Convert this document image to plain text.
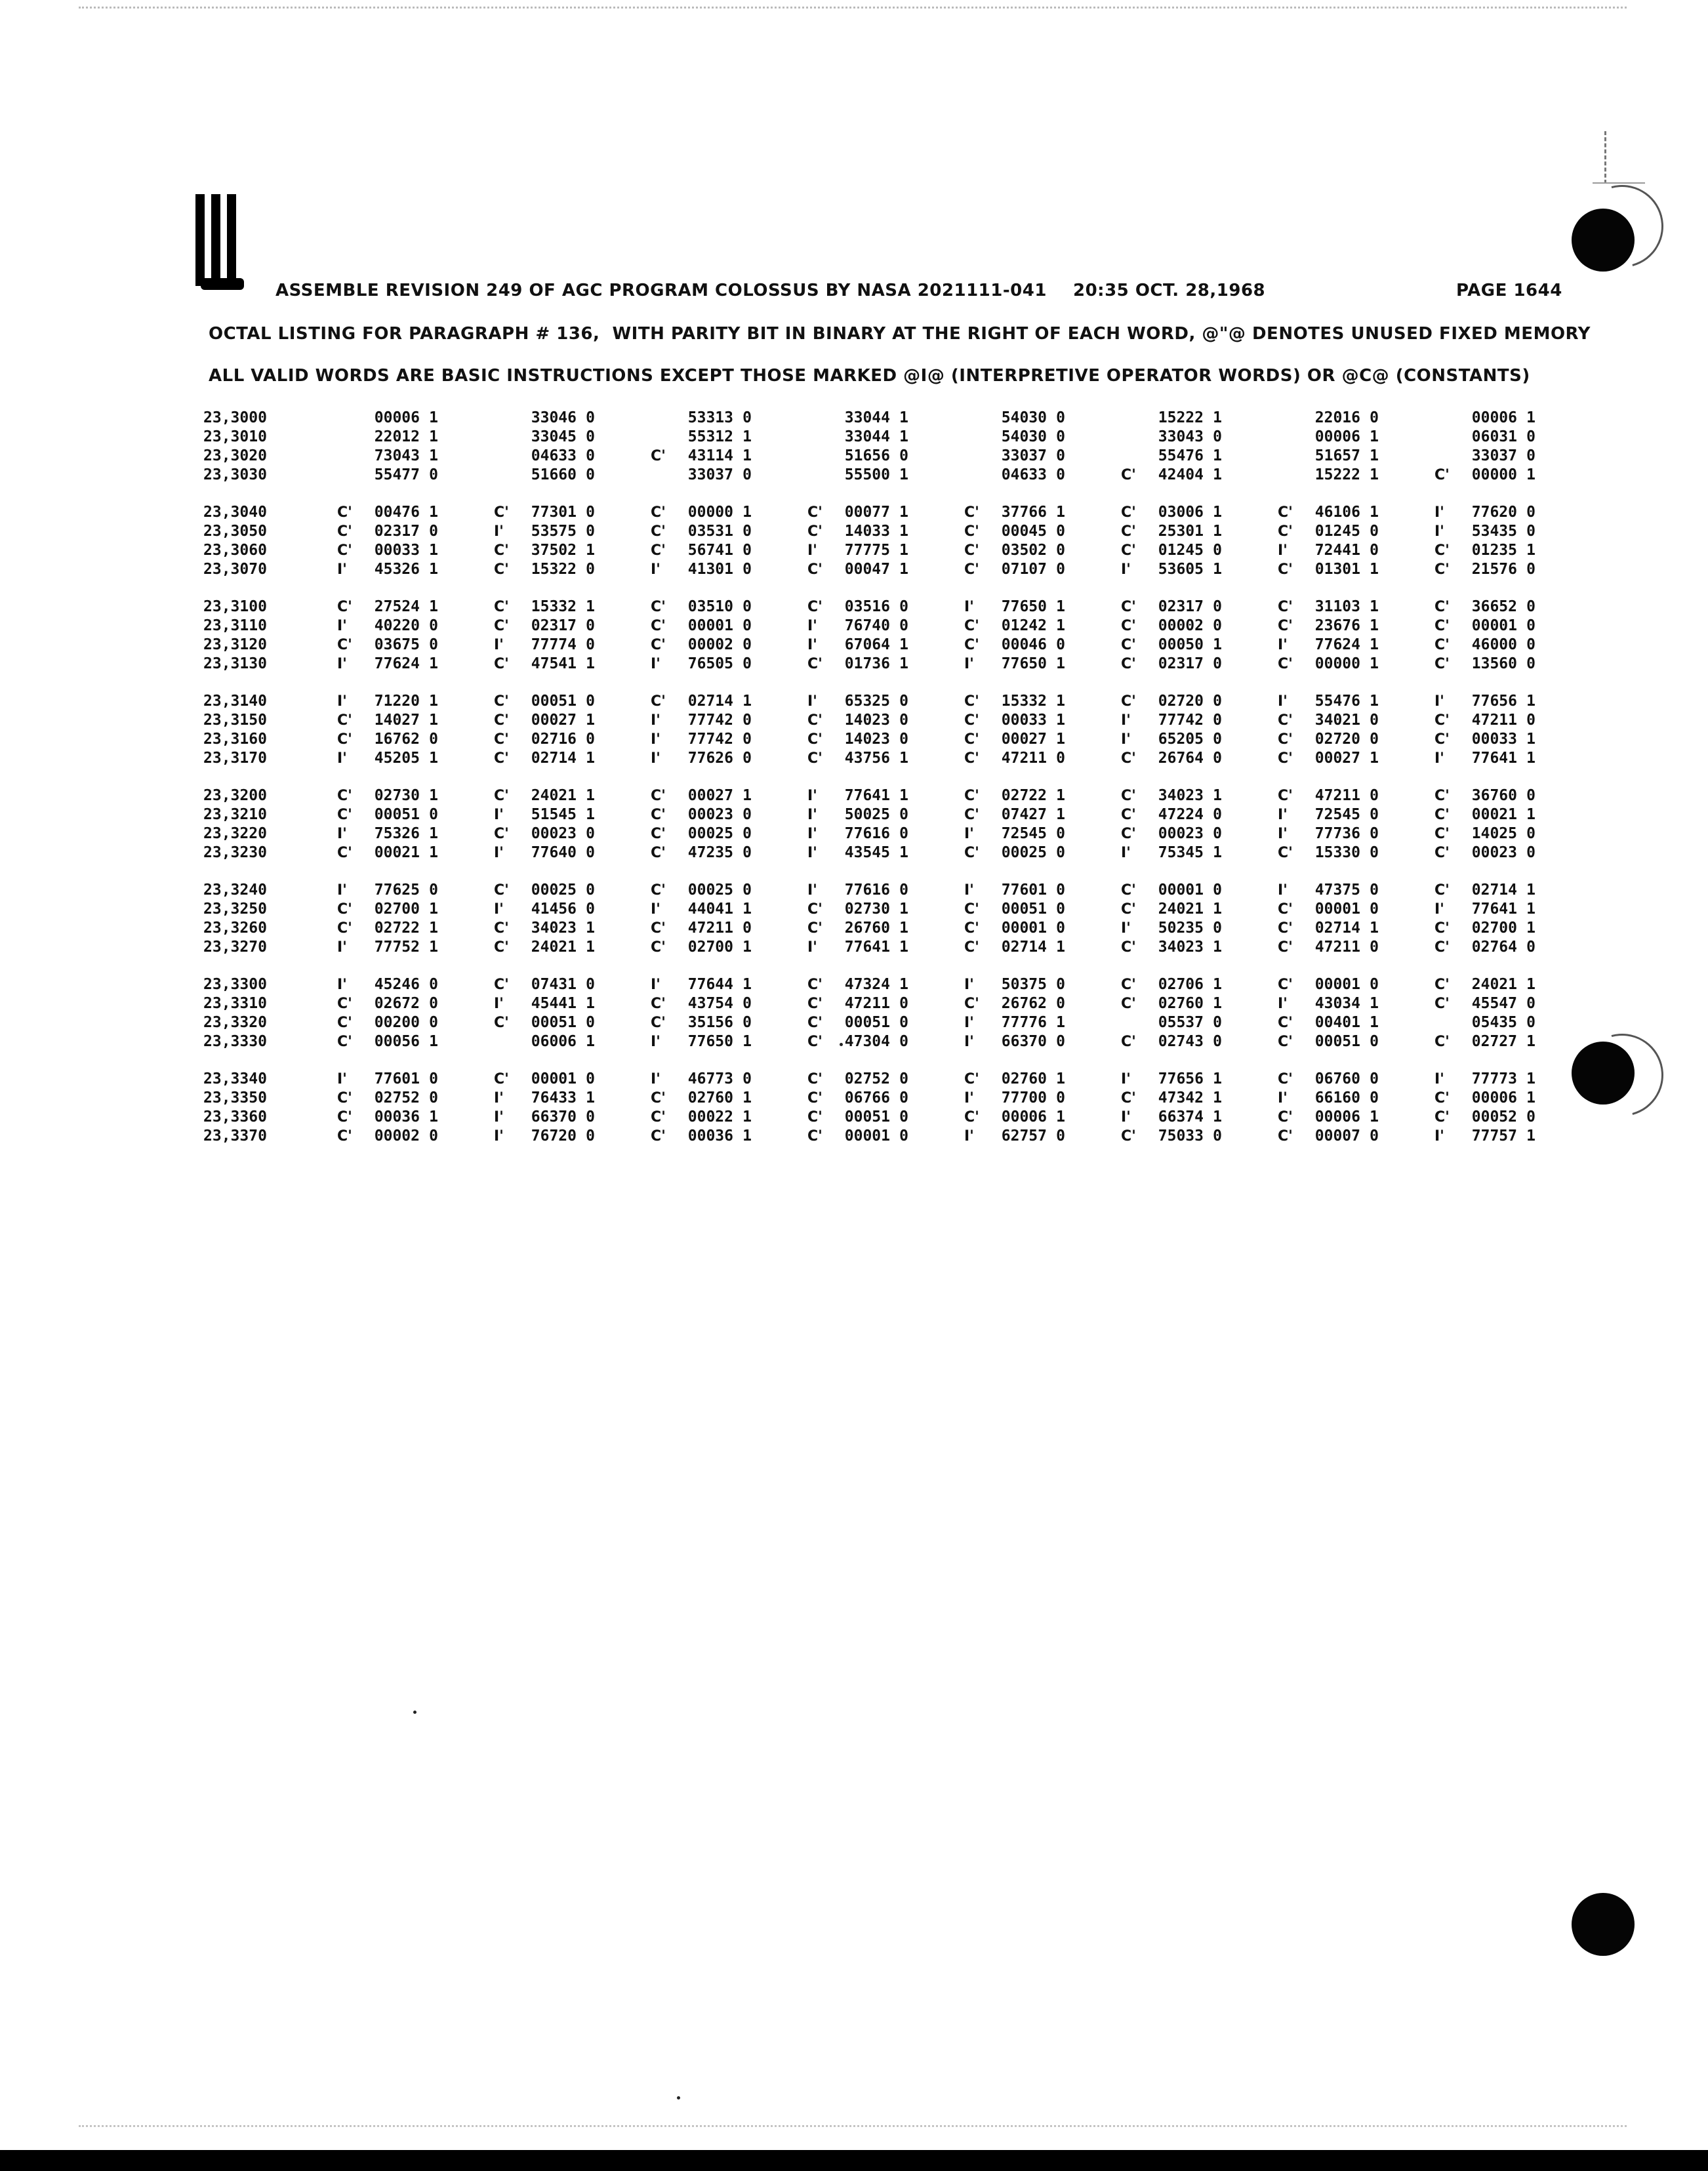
ASSEMBLE REVISION 249 OF AGC PROGRAM COLOSSUS BY NASA 2021111-041 20:35 OCT. 28,1968	PAGE 1644
OCTAL LISTING FOR PARAGRAPH # 136,  WITH PARITY BIT IN BINARY AT THE RIGHT OF EACH WORD, @"@ DENOTES UNUSED FIXED MEMORY
ALL VALID WORDS ARE BASIC INSTRUCTIONS EXCEPT THOSE MARKED @I@ (INTERPRETIVE OPERATOR WORDS) OR @C@ (CONSTANTS)
23,3000	00006 1	33046 0	53313 0	33044 1	54030 0	15222 1	22016 0	00006 1
23,3010	22012 1	33045 0	55312 1	33044 1	54030 0	33043 0	00006 1	06031 0
23,3020	73043 1	04633 0	C' 43114 1	51656 0	33037 0	55476 1	51657 1	33037 0
23,3030	55477 0	51660 0	33037 0	55500 1	04633 0	C' 42404 1	15222 1	C' 00000 1
23,3040	C' 00476 1	C' 77301 0	C' 00000 1	C' 00077 1	C' 37766 1	C' 03006 1	C' 46106 1	I' 77620 0
23,3050	C' 02317 0	I' 53575 0	C' 03531 0	C' 14033 1	C' 00045 0	C' 25301 1	C' 01245 0	I' 53435 0
23,3060	C' 00033 1	C' 37502 1	C' 56741 0	I' 77775 1	C' 03502 0	C' 01245 0	I' 72441 0	C' 01235 1
23,3070	I' 45326 1	C' 15322 0	I' 41301 0	C' 00047 1	C' 07107 0	I' 53605 1	C' 01301 1	C' 21576 0
23,3100	C' 27524 1	C' 15332 1	C' 03510 0	C' 03516 0	I' 77650 1	C' 02317 0	C' 31103 1	C' 36652 0
23,3110	I' 40220 0	C' 02317 0	C' 00001 0	I' 76740 0	C' 01242 1	C' 00002 0	C' 23676 1	C' 00001 0
23,3120	C' 03675 0	I' 77774 0	C' 00002 0	I' 67064 1	C' 00046 0	C' 00050 1	I' 77624 1	C' 46000 0
23,3130	I' 77624 1	C' 47541 1	I' 76505 0	C' 01736 1	I' 77650 1	C' 02317 0	C' 00000 1	C' 13560 0
23,3140	I' 71220 1	C' 00051 0	C' 02714 1	I' 65325 0	C' 15332 1	C' 02720 0	I' 55476 1	I' 77656 1
23,3150	C' 14027 1	C' 00027 1	I' 77742 0	C' 14023 0	C' 00033 1	I' 77742 0	C' 34021 0	C' 47211 0
23,3160	C' 16762 0	C' 02716 0	I' 77742 0	C' 14023 0	C' 00027 1	I' 65205 0	C' 02720 0	C' 00033 1
23,3170	I' 45205 1	C' 02714 1	I' 77626 0	C' 43756 1	C' 47211 0	C' 26764 0	C' 00027 1	I' 77641 1
23,3200	C' 02730 1	C' 24021 1	C' 00027 1	I' 77641 1	C' 02722 1	C' 34023 1	C' 47211 0	C' 36760 0
23,3210	C' 00051 0	I' 51545 1	C' 00023 0	I' 50025 0	C' 07427 1	C' 47224 0	I' 72545 0	C' 00021 1
23,3220	I' 75326 1	C' 00023 0	C' 00025 0	I' 77616 0	I' 72545 0	C' 00023 0	I' 77736 0	C' 14025 0
23,3230	C' 00021 1	I' 77640 0	C' 47235 0	I' 43545 1	C' 00025 0	I' 75345 1	C' 15330 0	C' 00023 0
23,3240	I' 77625 0	C' 00025 0	C' 00025 0	I' 77616 0	I' 77601 0	C' 00001 0	I' 47375 0	C' 02714 1
23,3250	C' 02700 1	I' 41456 0	I' 44041 1	C' 02730 1	C' 00051 0	C' 24021 1	C' 00001 0	I' 77641 1
23,3260	C' 02722 1	C' 34023 1	C' 47211 0	C' 26760 1	C' 00001 0	I' 50235 0	C' 02714 1	C' 02700 1
23,3270	I' 77752 1	C' 24021 1	C' 02700 1	I' 77641 1	C' 02714 1	C' 34023 1	C' 47211 0	C' 02764 0
23,3300	I' 45246 0	C' 07431 0	I' 77644 1	C' 47324 1	I' 50375 0	C' 02706 1	C' 00001 0	C' 24021 1
23,3310	C' 02672 0	I' 45441 1	C' 43754 0	C' 47211 0	C' 26762 0	C' 02760 1	I' 43034 1	C' 45547 0
23,3320	C' 00200 0	C' 00051 0	C' 35156 0	C' 00051 0	I' 77776 1	05537 0	C' 00401 1	05435 0
23,3330	C' 00056 1	06006 1	I' 77650 1	C' 47304 0	I' 66370 0	C' 02743 0	C' 00051 0	C' 02727 1
23,3340	I' 77601 0	C' 00001 0	I' 46773 0	C' 02752 0	C' 02760 1	I' 77656 1	C' 06760 0	I' 77773 1
23,3350	C' 02752 0	I' 76433 1	C' 02760 1	C' 06766 0	I' 77700 0	C' 47342 1	I' 66160 0	C' 00006 1
23,3360	C' 00036 1	I' 66370 0	C' 00022 1	C' 00051 0	C' 00006 1	I' 66374 1	C' 00006 1	C' 00052 0
23,3370	C' 00002 0	I' 76720 0	C' 00036 1	C' 00001 0	I' 62757 0	C' 75033 0	C' 00007 0	I' 77757 1
